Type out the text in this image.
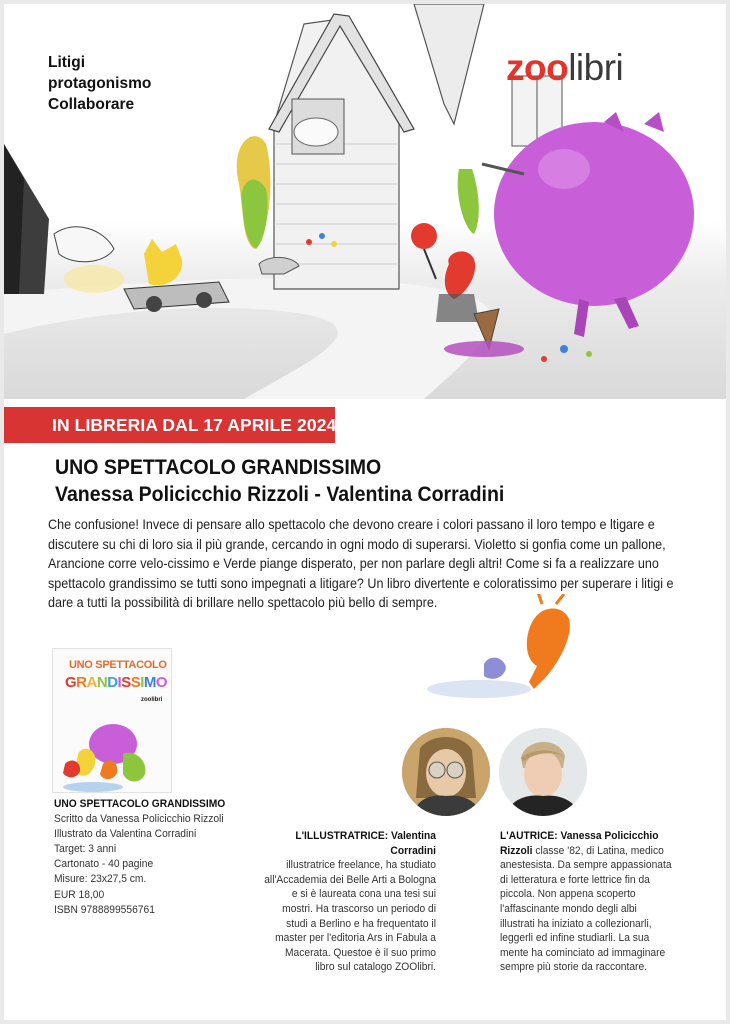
Litigi
protagonismo
Collaborare
zoolibri
IN LIBRERIA DAL 17 APRILE 2024
UNO SPETTACOLO GRANDISSIMO
Vanessa Policicchio Rizzoli - Valentina Corradini
Che confusione! Invece di pensare allo spettacolo che devono creare i colori passano il loro tempo e ltigare e discutere su chi di loro sia il più grande, cercando in ogni modo di superarsi. Violetto si gonfia come un pallone, Arancione corre velo-cissimo e Verde piange disperato, per non parlare degli altri! Come si fa a realizzare uno spettacolo grandissimo se tutti sono impegnati a litigare? Un libro divertente e coloratissimo per superare i litigi e dare a tutti la possibilità di brillare nello spettacolo più bello di sempre.
UNO SPETTACOLO
GRANDISSIMO
zoolibri
UNO SPETTACOLO GRANDISSIMO
Scritto da Vanessa Policicchio Rizzoli
Illustrato da Valentina Corradini
Target: 3 anni
Cartonato - 40 pagine
Misure: 23x27,5 cm.
EUR 18,00
ISBN 9788899556761
L'ILLUSTRATRICE: Valentina Corradini
illustratrice freelance, ha studiato all'Accademia dei Belle Arti a Bologna e si è laureata cona una tesi sui mostri. Ha trascorso un periodo di studi a Berlino e ha frequentato il master per l'editoria Ars in Fabula a Macerata. Questoe è il suo primo libro sul catalogo ZOOlibri.
L'AUTRICE: Vanessa Policicchio Rizzoli classe '82, di Latina, medico anestesista. Da sempre appassionata di letteratura e forte lettrice fin da piccola. Non appena scoperto l'affascinante mondo degli albi illustrati ha iniziato a collezionarli, leggerli ed infine studiarli. La sua mente ha cominciato ad immaginare sempre più storie da raccontare.
